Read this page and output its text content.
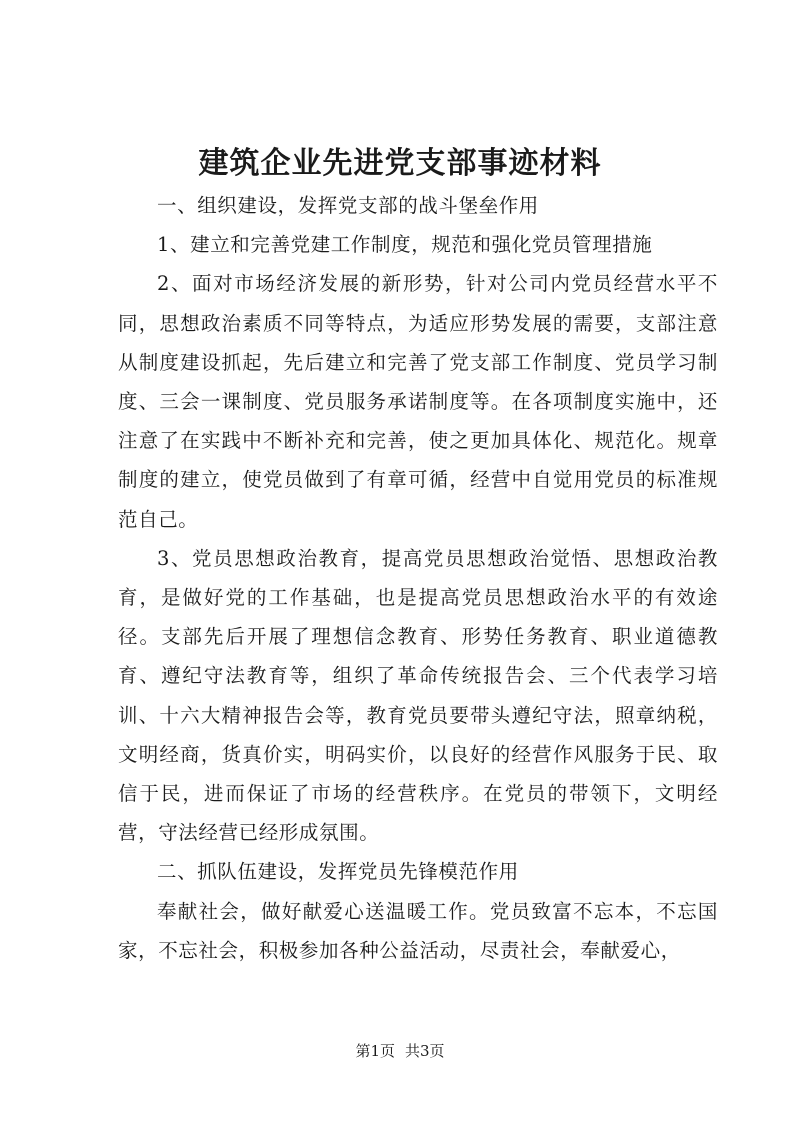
建筑企业先进党支部事迹材料

一、组织建设，发挥党支部的战斗堡垒作用

1、建立和完善党建工作制度，规范和强化党员管理措施

2、面对市场经济发展的新形势，针对公司内党员经营水平不同，思想政治素质不同等特点，为适应形势发展的需要，支部注意从制度建设抓起，先后建立和完善了党支部工作制度、党员学习制度、三会一课制度、党员服务承诺制度等。在各项制度实施中，还注意了在实践中不断补充和完善，使之更加具体化、规范化。规章制度的建立，使党员做到了有章可循，经营中自觉用党员的标准规范自己。

3、党员思想政治教育，提高党员思想政治觉悟、思想政治教育，是做好党的工作基础，也是提高党员思想政治水平的有效途径。支部先后开展了理想信念教育、形势任务教育、职业道德教育、遵纪守法教育等，组织了革命传统报告会、三个代表学习培训、十六大精神报告会等，教育党员要带头遵纪守法，照章纳税，文明经商，货真价实，明码实价，以良好的经营作风服务于民、取信于民，进而保证了市场的经营秩序。在党员的带领下，文明经营，守法经营已经形成氛围。

二、抓队伍建设，发挥党员先锋模范作用

奉献社会，做好献爱心送温暖工作。党员致富不忘本，不忘国家，不忘社会，积极参加各种公益活动，尽责社会，奉献爱心，

第1页 共3页
